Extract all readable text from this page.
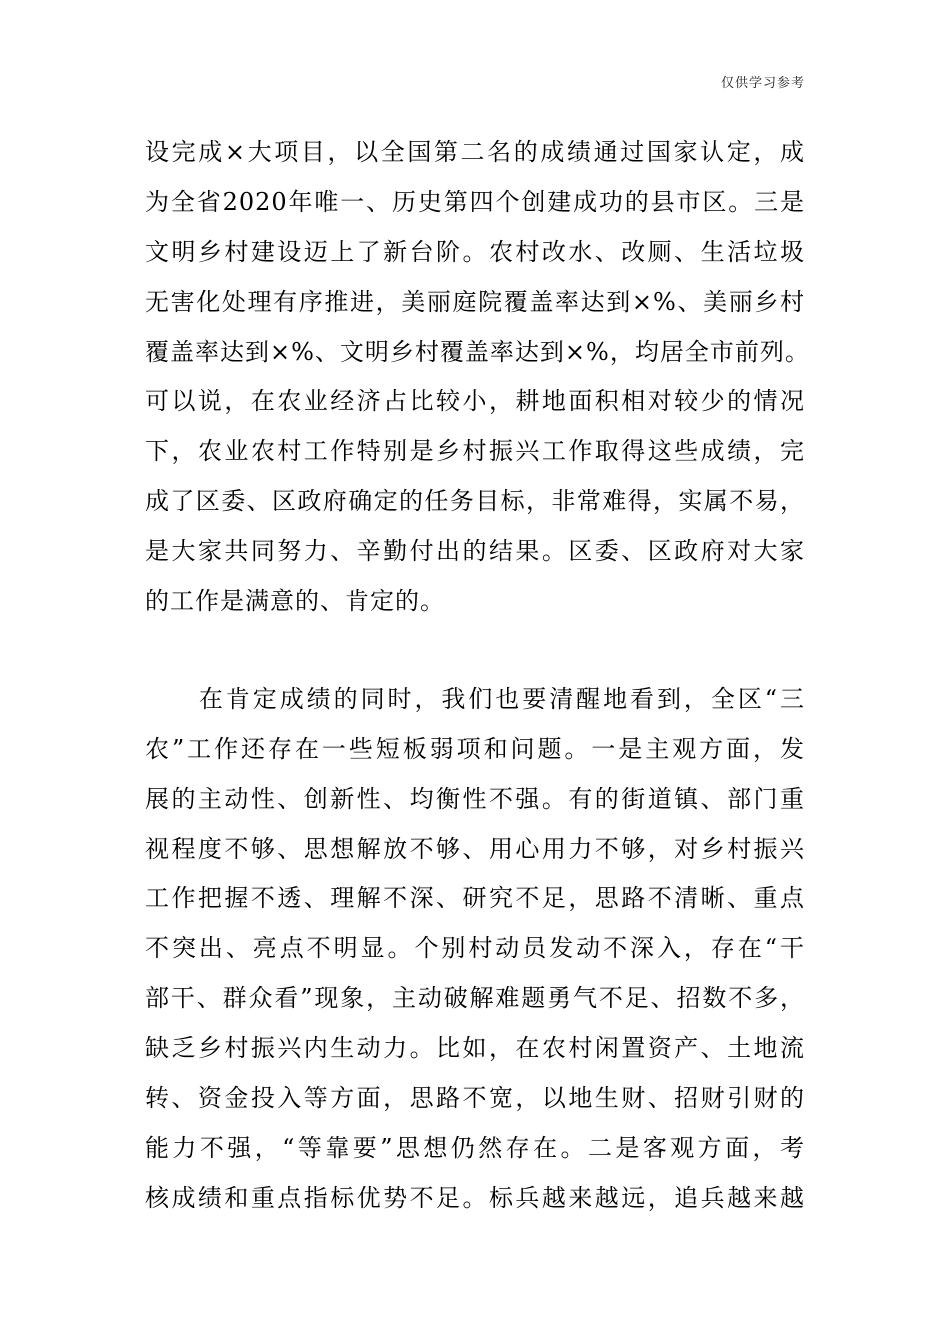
仅供学习参考
设完成×大项目，以全国第二名的成绩通过国家认定，成
为全省2020年唯一、历史第四个创建成功的县市区。三是
文明乡村建设迈上了新台阶。农村改水、改厕、生活垃圾
无害化处理有序推进，美丽庭院覆盖率达到×%、美丽乡村
覆盖率达到×%、文明乡村覆盖率达到×%，均居全市前列。
可以说，在农业经济占比较小，耕地面积相对较少的情况
下，农业农村工作特别是乡村振兴工作取得这些成绩，完
成了区委、区政府确定的任务目标，非常难得，实属不易，
是大家共同努力、辛勤付出的结果。区委、区政府对大家
的工作是满意的、肯定的。
　　在肯定成绩的同时，我们也要清醒地看到，全区“三
农”工作还存在一些短板弱项和问题。一是主观方面，发
展的主动性、创新性、均衡性不强。有的街道镇、部门重
视程度不够、思想解放不够、用心用力不够，对乡村振兴
工作把握不透、理解不深、研究不足，思路不清晰、重点
不突出、亮点不明显。个别村动员发动不深入，存在“干
部干、群众看”现象，主动破解难题勇气不足、招数不多，
缺乏乡村振兴内生动力。比如，在农村闲置资产、土地流
转、资金投入等方面，思路不宽，以地生财、招财引财的
能力不强，“等靠要”思想仍然存在。二是客观方面，考
核成绩和重点指标优势不足。标兵越来越远，追兵越来越
